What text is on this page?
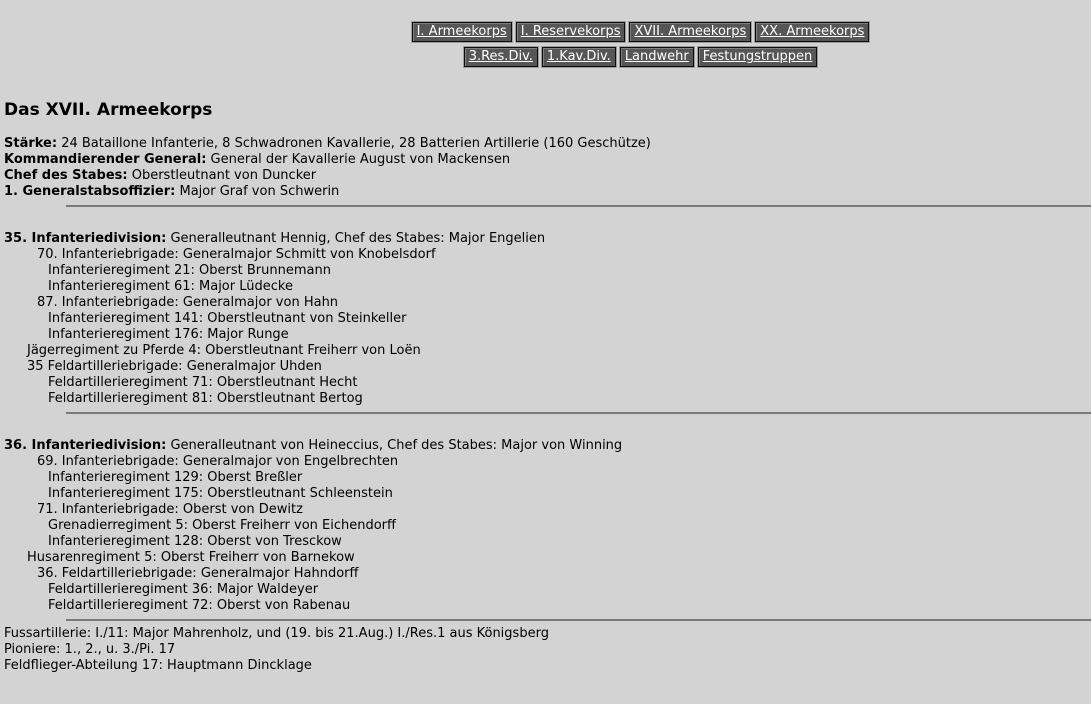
I. Armeekorps I. Reservekorps XVII. Armeekorps XX. Armeekorps
3.Res.Div. 1.Kav.Div. Landwehr Festungstruppen
Das XVII. Armeekorps
Stärke: 24 Bataillone Infanterie, 8 Schwadronen Kavallerie, 28 Batterien Artillerie (160 Geschütze)
Kommandierender General: General der Kavallerie August von Mackensen
Chef des Stabes: Oberstleutnant von Duncker
1. Generalstabsoffizier: Major Graf von Schwerin
35. Infanteriedivision: Generalleutnant Hennig, Chef des Stabes: Major Engelien
70. Infanteriebrigade: Generalmajor Schmitt von Knobelsdorf
Infanterieregiment 21: Oberst Brunnemann
Infanterieregiment 61: Major Lüdecke
87. Infanteriebrigade: Generalmajor von Hahn
Infanterieregiment 141: Oberstleutnant von Steinkeller
Infanterieregiment 176: Major Runge
Jägerregiment zu Pferde 4: Oberstleutnant Freiherr von Loën
35 Feldartilleriebrigade: Generalmajor Uhden
Feldartillerieregiment 71: Oberstleutnant Hecht
Feldartillerieregiment 81: Oberstleutnant Bertog
36. Infanteriedivision: Generalleutnant von Heineccius, Chef des Stabes: Major von Winning
69. Infanteriebrigade: Generalmajor von Engelbrechten
Infanterieregiment 129: Oberst Breßler
Infanterieregiment 175: Oberstleutnant Schleenstein
71. Infanteriebrigade: Oberst von Dewitz
Grenadierregiment 5: Oberst Freiherr von Eichendorff
Infanterieregiment 128: Oberst von Tresckow
Husarenregiment 5: Oberst Freiherr von Barnekow
36. Feldartilleriebrigade: Generalmajor Hahndorff
Feldartillerieregiment 36: Major Waldeyer
Feldartillerieregiment 72: Oberst von Rabenau
Fussartillerie: I./11: Major Mahrenholz, und (19. bis 21.Aug.) I./Res.1 aus Königsberg
Pioniere: 1., 2., u. 3./Pi. 17
Feldflieger-Abteilung 17: Hauptmann Dincklage
